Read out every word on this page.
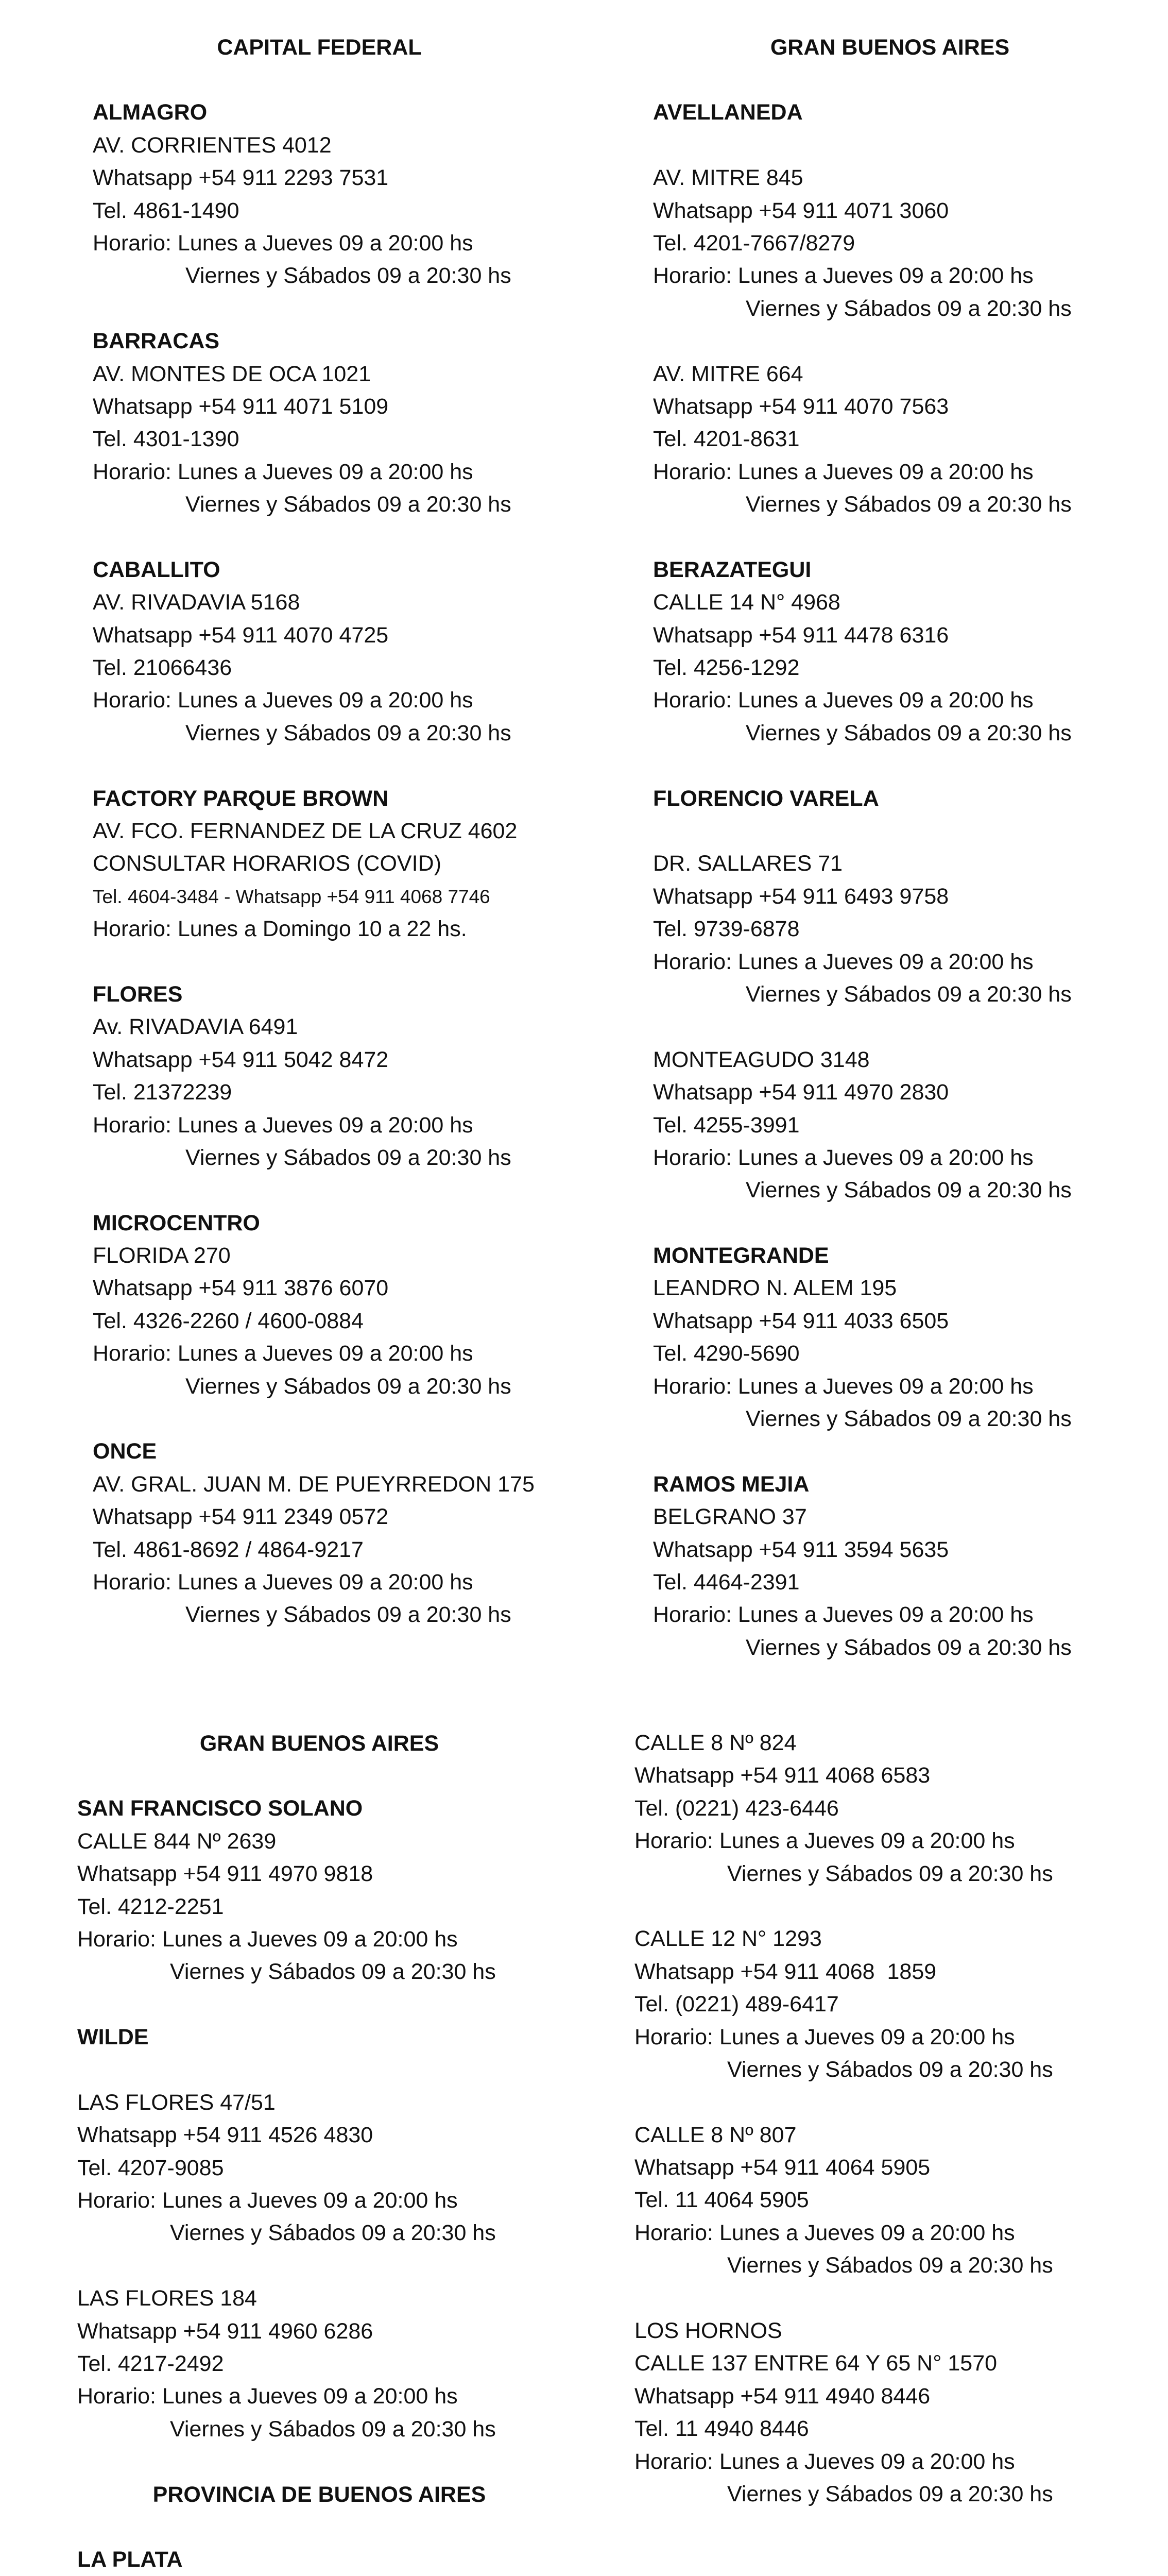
CAPITAL FEDERAL
ALMAGRO
AV. CORRIENTES 4012
Whatsapp +54 911 2293 7531
Tel. 4861-1490
Horario: Lunes a Jueves 09 a 20:00 hs
Viernes y Sábados 09 a 20:30 hs
BARRACAS
AV. MONTES DE OCA 1021
Whatsapp +54 911 4071 5109
Tel. 4301-1390
Horario: Lunes a Jueves 09 a 20:00 hs
Viernes y Sábados 09 a 20:30 hs
CABALLITO
AV. RIVADAVIA 5168
Whatsapp +54 911 4070 4725
Tel. 21066436
Horario: Lunes a Jueves 09 a 20:00 hs
Viernes y Sábados 09 a 20:30 hs
FACTORY PARQUE BROWN
AV. FCO. FERNANDEZ DE LA CRUZ 4602
CONSULTAR HORARIOS (COVID)
Tel. 4604-3484 - Whatsapp +54 911 4068 7746
Horario: Lunes a Domingo 10 a 22 hs.
FLORES
Av. RIVADAVIA 6491
Whatsapp +54 911 5042 8472
Tel. 21372239
Horario: Lunes a Jueves 09 a 20:00 hs
Viernes y Sábados 09 a 20:30 hs
MICROCENTRO
FLORIDA 270
Whatsapp +54 911 3876 6070
Tel. 4326-2260 / 4600-0884
Horario: Lunes a Jueves 09 a 20:00 hs
Viernes y Sábados 09 a 20:30 hs
ONCE
AV. GRAL. JUAN M. DE PUEYRREDON 175
Whatsapp +54 911 2349 0572
Tel. 4861-8692 / 4864-9217
Horario: Lunes a Jueves 09 a 20:00 hs
Viernes y Sábados 09 a 20:30 hs
GRAN BUENOS AIRES
AVELLANEDA
AV. MITRE 845
Whatsapp +54 911 4071 3060
Tel. 4201-7667/8279
Horario: Lunes a Jueves 09 a 20:00 hs
Viernes y Sábados 09 a 20:30 hs
AV. MITRE 664
Whatsapp +54 911 4070 7563
Tel. 4201-8631
Horario: Lunes a Jueves 09 a 20:00 hs
Viernes y Sábados 09 a 20:30 hs
BERAZATEGUI
CALLE 14 N° 4968
Whatsapp +54 911 4478 6316
Tel. 4256-1292
Horario: Lunes a Jueves 09 a 20:00 hs
Viernes y Sábados 09 a 20:30 hs
FLORENCIO VARELA
DR. SALLARES 71
Whatsapp +54 911 6493 9758
Tel. 9739-6878
Horario: Lunes a Jueves 09 a 20:00 hs
Viernes y Sábados 09 a 20:30 hs
MONTEAGUDO 3148
Whatsapp +54 911 4970 2830
Tel. 4255-3991
Horario: Lunes a Jueves 09 a 20:00 hs
Viernes y Sábados 09 a 20:30 hs
MONTEGRANDE
LEANDRO N. ALEM 195
Whatsapp +54 911 4033 6505
Tel. 4290-5690
Horario: Lunes a Jueves 09 a 20:00 hs
Viernes y Sábados 09 a 20:30 hs
RAMOS MEJIA
BELGRANO 37
Whatsapp +54 911 3594 5635
Tel. 4464-2391
Horario: Lunes a Jueves 09 a 20:00 hs
Viernes y Sábados 09 a 20:30 hs
GRAN BUENOS AIRES
SAN FRANCISCO SOLANO
CALLE 844 Nº 2639
Whatsapp +54 911 4970 9818
Tel. 4212-2251
Horario: Lunes a Jueves 09 a 20:00 hs
Viernes y Sábados 09 a 20:30 hs
WILDE
LAS FLORES 47/51
Whatsapp +54 911 4526 4830
Tel. 4207-9085
Horario: Lunes a Jueves 09 a 20:00 hs
Viernes y Sábados 09 a 20:30 hs
LAS FLORES 184
Whatsapp +54 911 4960 6286
Tel. 4217-2492
Horario: Lunes a Jueves 09 a 20:00 hs
Viernes y Sábados 09 a 20:30 hs
PROVINCIA DE BUENOS AIRES
LA PLATA
CALLE 8 Nº 824
Whatsapp +54 911 4068 6583
Tel. (0221) 423-6446
Horario: Lunes a Jueves 09 a 20:00 hs
Viernes y Sábados 09 a 20:30 hs
CALLE 12 N° 1293
Whatsapp +54 911 4068  1859
Tel. (0221) 489-6417
Horario: Lunes a Jueves 09 a 20:00 hs
Viernes y Sábados 09 a 20:30 hs
CALLE 8 Nº 807
Whatsapp +54 911 4064 5905
Tel. 11 4064 5905
Horario: Lunes a Jueves 09 a 20:00 hs
Viernes y Sábados 09 a 20:30 hs
LOS HORNOS
CALLE 137 ENTRE 64 Y 65 N° 1570
Whatsapp +54 911 4940 8446
Tel. 11 4940 8446
Horario: Lunes a Jueves 09 a 20:00 hs
Viernes y Sábados 09 a 20:30 hs
